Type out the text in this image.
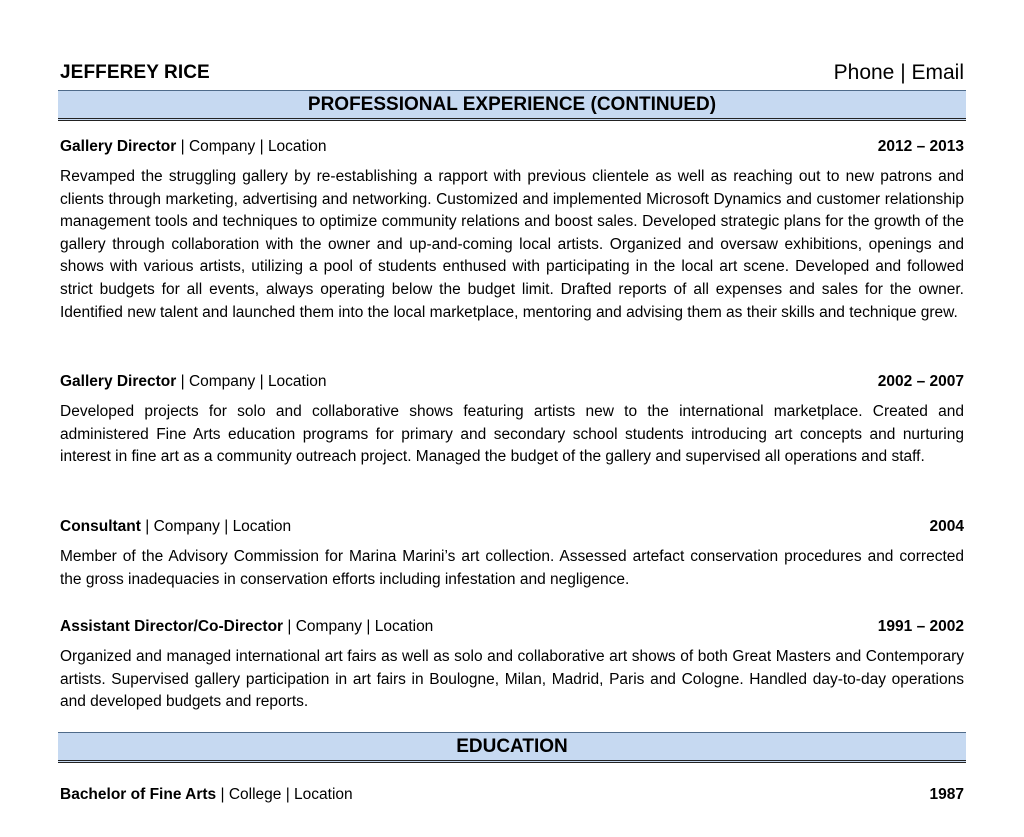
JEFFEREY RICE	Phone | Email
PROFESSIONAL EXPERIENCE (CONTINUED)
Gallery Director | Company | Location	2012 – 2013
Revamped the struggling gallery by re-establishing a rapport with previous clientele as well as reaching out to new patrons and clients through marketing, advertising and networking. Customized and implemented Microsoft Dynamics and customer relationship management tools and techniques to optimize community relations and boost sales. Developed strategic plans for the growth of the gallery through collaboration with the owner and up-and-coming local artists. Organized and oversaw exhibitions, openings and shows with various artists, utilizing a pool of students enthused with participating in the local art scene. Developed and followed strict budgets for all events, always operating below the budget limit. Drafted reports of all expenses and sales for the owner. Identified new talent and launched them into the local marketplace, mentoring and advising them as their skills and technique grew.
Gallery Director | Company | Location	2002 – 2007
Developed projects for solo and collaborative shows featuring artists new to the international marketplace. Created and administered Fine Arts education programs for primary and secondary school students introducing art concepts and nurturing interest in fine art as a community outreach project. Managed the budget of the gallery and supervised all operations and staff.
Consultant | Company | Location	2004
Member of the Advisory Commission for Marina Marini’s art collection. Assessed artefact conservation procedures and corrected the gross inadequacies in conservation efforts including infestation and negligence.
Assistant Director/Co-Director | Company | Location	1991 – 2002
Organized and managed international art fairs as well as solo and collaborative art shows of both Great Masters and Contemporary artists. Supervised gallery participation in art fairs in Boulogne, Milan, Madrid, Paris and Cologne. Handled day-to-day operations and developed budgets and reports.
EDUCATION
Bachelor of Fine Arts | College | Location	1987
